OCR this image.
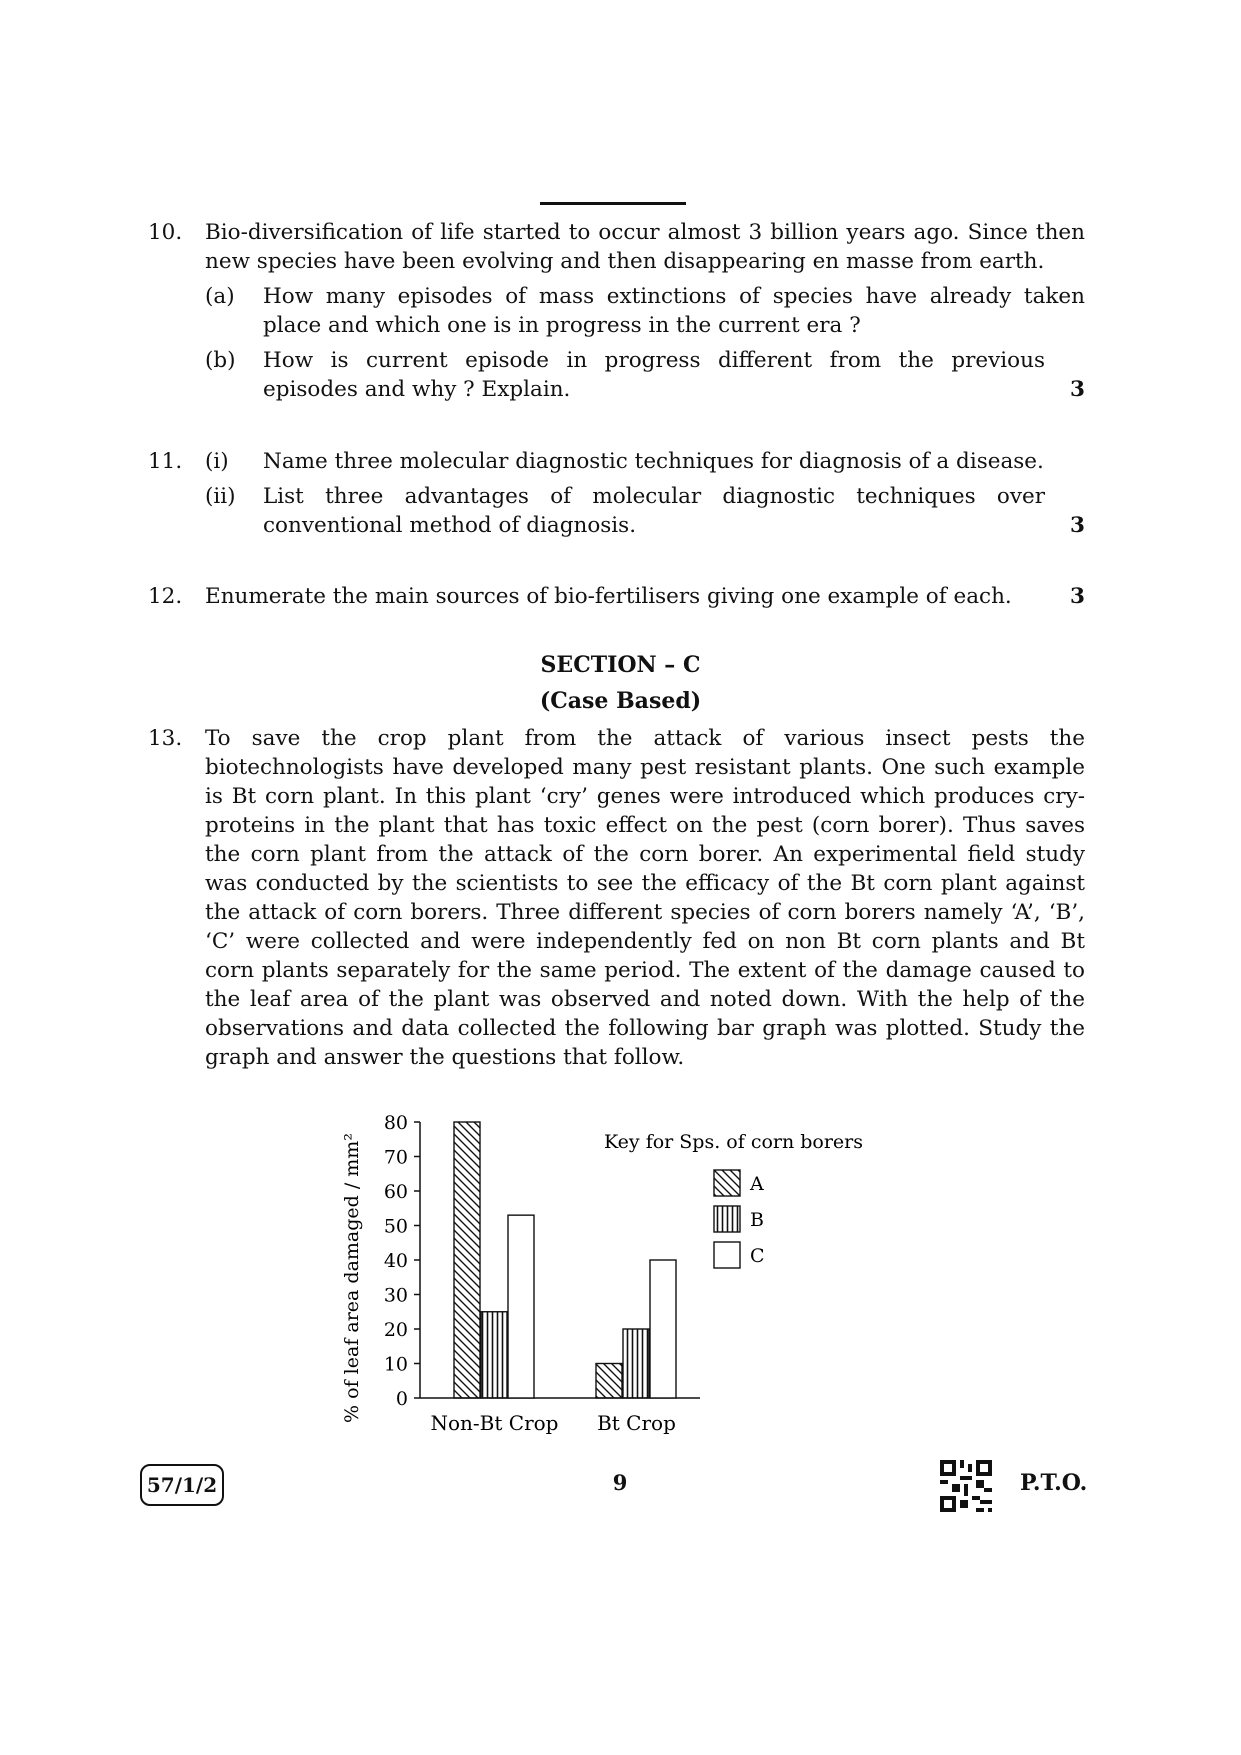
10.	Bio-diversification of life started to occur almost 3 billion years ago. Since then new species have been evolving and then disappearing en masse from earth.
(a) How many episodes of mass extinctions of species have already taken place and which one is in progress in the current era ?
(b) How is current episode in progress different from the previous episodes and why ? Explain.	3
11.	(i) Name three molecular diagnostic techniques for diagnosis of a disease.
(ii) List three advantages of molecular diagnostic techniques over conventional method of diagnosis.	3
12.	Enumerate the main sources of bio-fertilisers giving one example of each.	3
SECTION – C
(Case Based)
13.	To save the crop plant from the attack of various insect pests the biotechnologists have developed many pest resistant plants. One such example is Bt corn plant. In this plant ‘cry’ genes were introduced which produces cry-proteins in the plant that has toxic effect on the pest (corn borer). Thus saves the corn plant from the attack of the corn borer. An experimental field study was conducted by the scientists to see the efficacy of the Bt corn plant against the attack of corn borers. Three different species of corn borers namely ‘A’, ‘B’, ‘C’ were collected and were independently fed on non Bt corn plants and Bt corn plants separately for the same period. The extent of the damage caused to the leaf area of the plant was observed and noted down. With the help of the observations and data collected the following bar graph was plotted. Study the graph and answer the questions that follow.
0
10
20
30
40
50
60
70
80
Non-Bt Crop Bt Crop
% of leaf area damaged / mm²	Key for Sps. of corn borers
A
B
C
57/1/2	9	P.T.O.
